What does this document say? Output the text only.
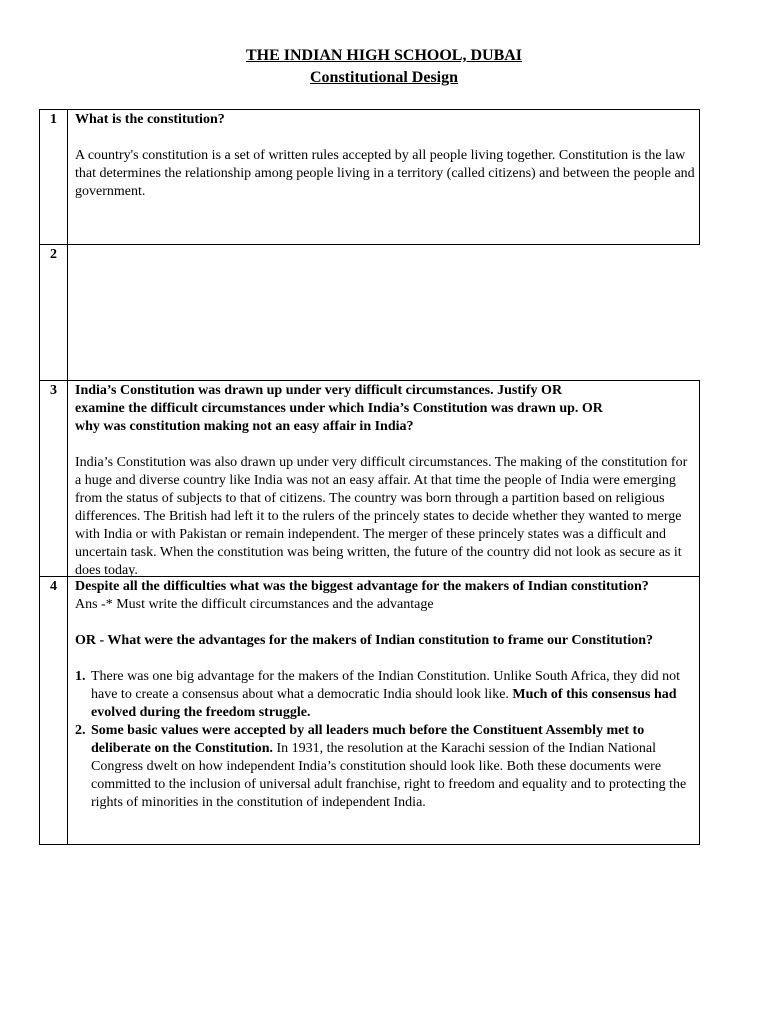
THE INDIAN HIGH SCHOOL, DUBAI
Constitutional Design
1	What is the constitution?

A country's constitution is a set of written rules accepted by all people living together. Constitution is the law that determines the relationship among people living in a territory (called citizens) and between the people and government.

2
3	India’s Constitution was drawn up under very difficult circumstances. Justify OR

examine the difficult circumstances under which India’s Constitution was drawn up. OR

why was constitution making not an easy affair in India?

India’s Constitution was also drawn up under very difficult circumstances. The making of the constitution for a huge and diverse country like India was not an easy affair. At that time the people of India were emerging from the status of subjects to that of citizens. The country was born through a partition based on religious differences. The British had left it to the rulers of the princely states to decide whether they wanted to merge with India or with Pakistan or remain independent. The merger of these princely states was a difficult and uncertain task. When the constitution was being written, the future of the country did not look as secure as it does today.

4	Despite all the difficulties what was the biggest advantage for the makers of Indian constitution?

Ans -* Must write the difficult circumstances and the advantage

OR - What were the advantages for the makers of Indian constitution to frame our Constitution?

1. There was one big advantage for the makers of the Indian Constitution. Unlike South Africa, they did not have to create a consensus about what a democratic India should look like. Much of this consensus had evolved during the freedom struggle.
2. Some basic values were accepted by all leaders much before the Constituent Assembly met to deliberate on the Constitution. In 1931, the resolution at the Karachi session of the Indian National Congress dwelt on how independent India’s constitution should look like. Both these documents were committed to the inclusion of universal adult franchise, right to freedom and equality and to protecting the rights of minorities in the constitution of independent India.
